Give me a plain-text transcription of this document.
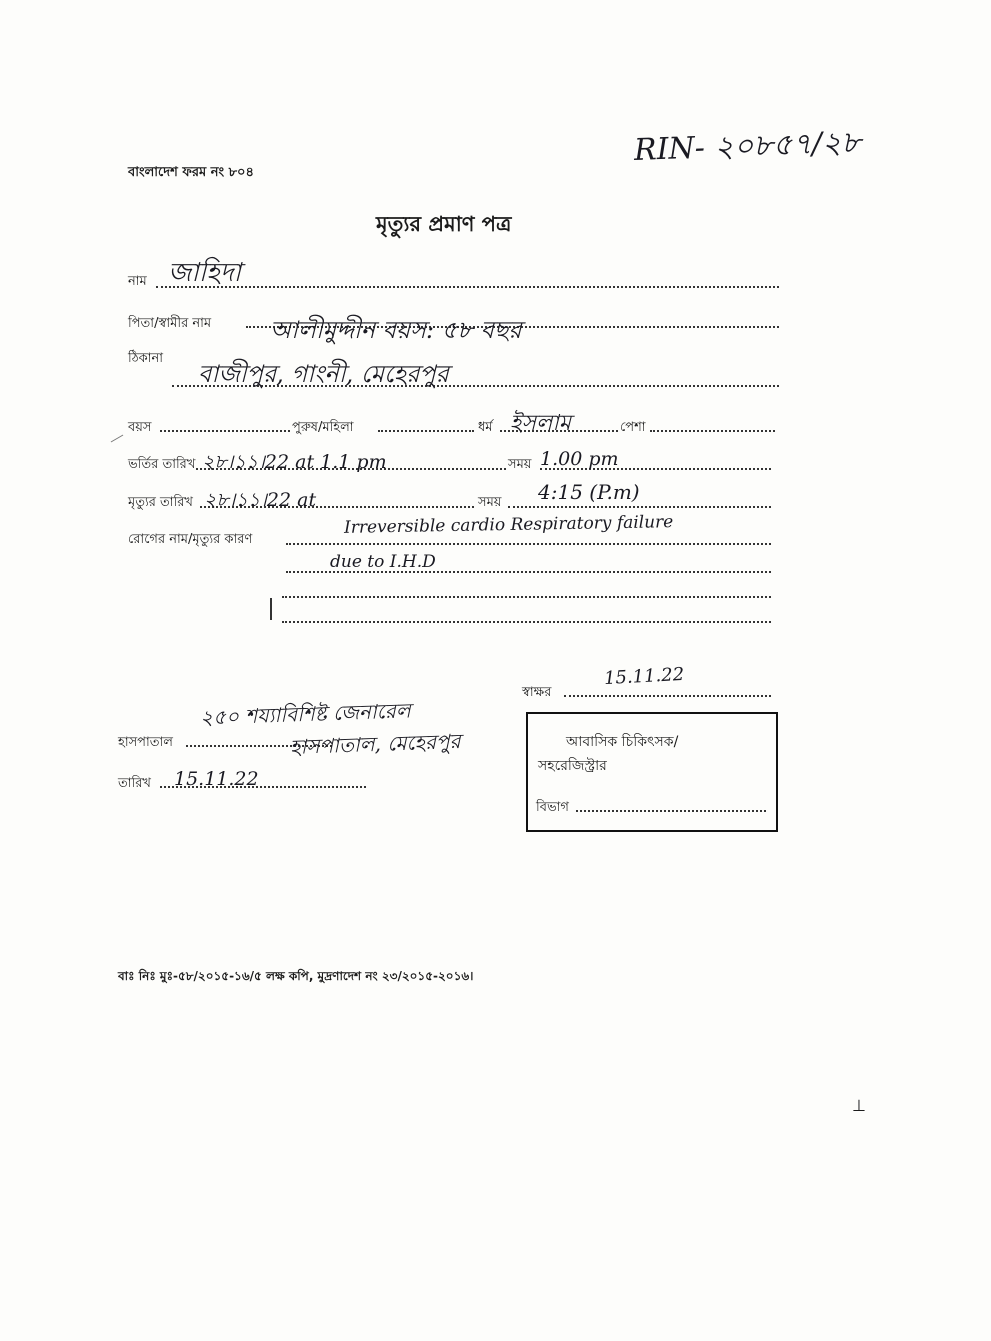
RIN- ২০৮৫৭/২৮
বাংলাদেশ ফরম নং ৮০৪
মৃত্যুর প্রমাণ পত্র
নাম জাহিদা
পিতা/স্বামীর নাম আলীমুদ্দীন বয়স: ৫৮ বছর
ঠিকানা
বাজীপুর, গাংনী, মেহেরপুর
বয়স	পুরুষ/মহিলা	ধর্ম ইসলাম	পেশা
ভর্তির তারিখ ২৮।১১।22 at 1.1 pm	সময় 1.00 pm
মৃত্যুর তারিখ ২৮।১১।22 at	সময় 4:15 (P.m)
রোগের নাম/মৃত্যুর কারণ
Irreversible cardio Respiratory failure
due to I.H.D
স্বাক্ষর
15.11.22
আবাসিক চিকিৎসক/
সহরেজিস্ট্রার
বিভাগ
হাসপাতাল
২৫০ শয্যাবিশিষ্ট জেনারেল
হাসপাতাল, মেহেরপুর
তারিখ 15.11.22
বাঃ নিঃ মুঃ-৫৮/২০১৫-১৬/৫ লক্ষ কপি, মুদ্রণাদেশ নং ২৩/২০১৫-২০১৬।
⊥
